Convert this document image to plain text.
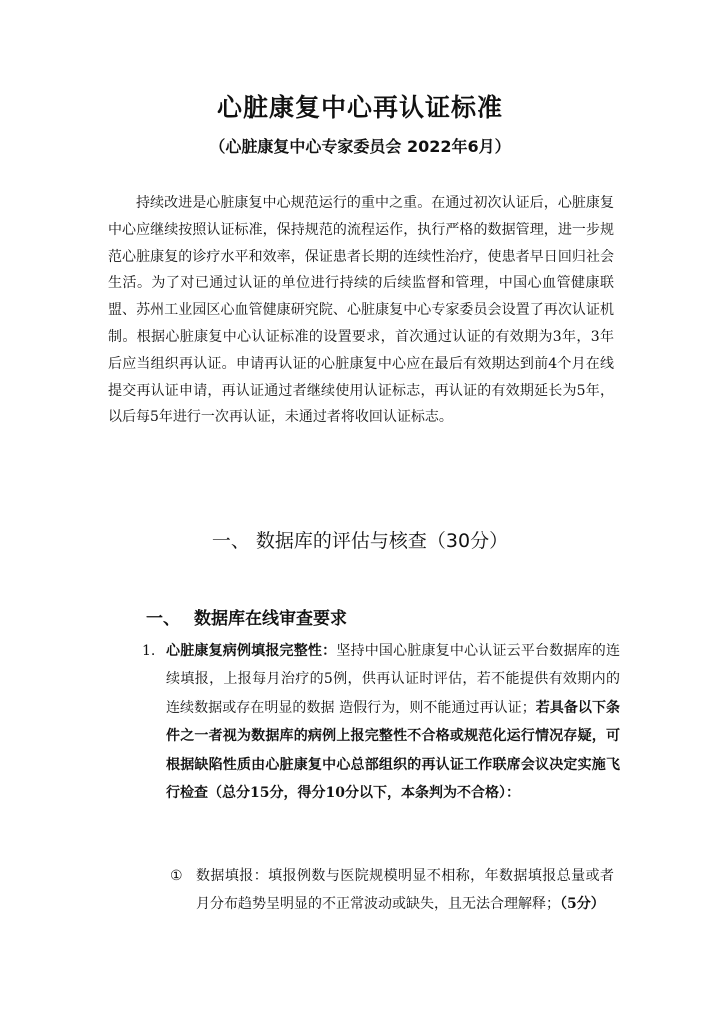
心脏康复中心再认证标准
（心脏康复中心专家委员会 2022年6月）

持续改进是心脏康复中心规范运行的重中之重。在通过初次认证后，心脏康复中心应继续按照认证标准，保持规范的流程运作，执行严格的数据管理，进一步规范心脏康复的诊疗水平和效率，保证患者长期的连续性治疗，使患者早日回归社会生活。为了对已通过认证的单位进行持续的后续监督和管理，中国心血管健康联盟、苏州工业园区心血管健康研究院、心脏康复中心专家委员会设置了再次认证机制。根据心脏康复中心认证标准的设置要求，首次通过认证的有效期为3年，3年后应当组织再认证。申请再认证的心脏康复中心应在最后有效期达到前4个月在线提交再认证申请，再认证通过者继续使用认证标志，再认证的有效期延长为5年，以后每5年进行一次再认证，未通过者将收回认证标志。

一、 数据库的评估与核查（30分）
一、 数据库在线审查要求
1. 心脏康复病例填报完整性：坚持中国心脏康复中心认证云平台数据库的连续填报，上报每月治疗的5例，供再认证时评估，若不能提供有效期内的连续数据或存在明显的数据 造假行为，则不能通过再认证；若具备以下条件之一者视为数据库的病例上报完整性不合格或规范化运行情况存疑，可根据缺陷性质由心脏康复中心总部组织的再认证工作联席会议决定实施飞行检查（总分15分，得分10分以下，本条判为不合格）：
① 数据填报：填报例数与医院规模明显不相称，年数据填报总量或者月分布趋势呈明显的不正常波动或缺失，且无法合理解释；（5分）
